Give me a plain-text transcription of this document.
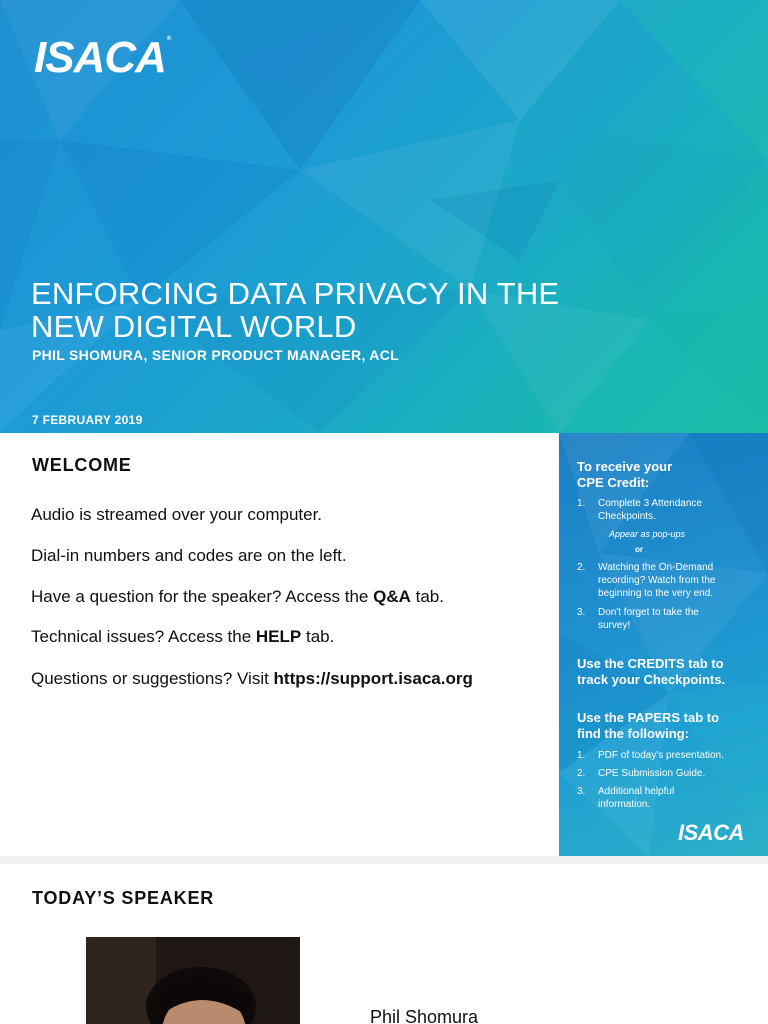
ISACA®
ENFORCING DATA PRIVACY IN THE
NEW DIGITAL WORLD
PHIL SHOMURA, SENIOR PRODUCT MANAGER, ACL
7 FEBRUARY 2019
WELCOME

Audio is streamed over your computer.

Dial-in numbers and codes are on the left.

Have a question for the speaker? Access the Q&A tab.

Technical issues? Access the HELP tab.

Questions or suggestions? Visit https://support.isaca.org

To receive your
CPE Credit:
1.	Complete 3 Attendance Checkpoints.
Appear as pop-ups
or
2.	Watching the On-Demand recording? Watch from the beginning to the very end.
3.	Don't forget to take the survey!
Use the CREDITS tab to
track your Checkpoints.
Use the PAPERS tab to
find the following:
1.	PDF of today's presentation.
2.	CPE Submission Guide.
3.	Additional helpful information.
ISACA
TODAY’S SPEAKER
Phil Shomura
